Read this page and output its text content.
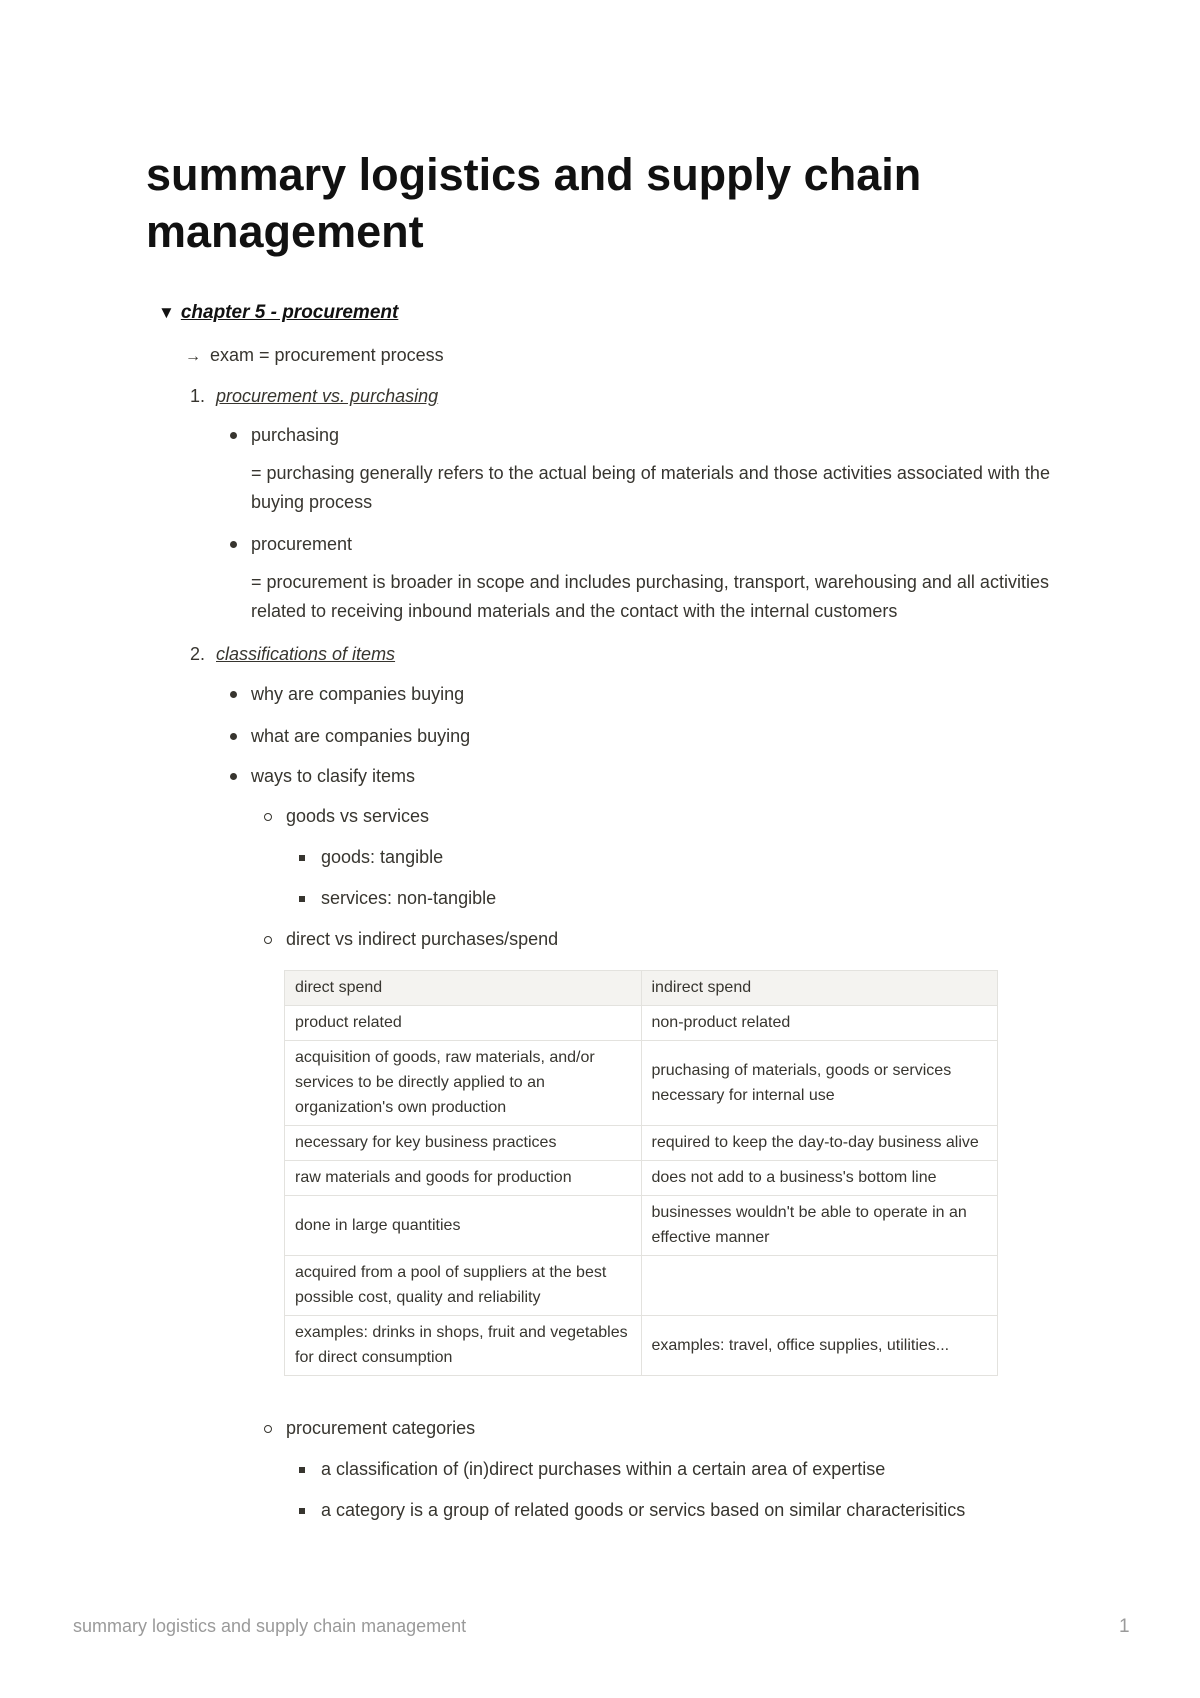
summary logistics and supply chain management
▼ chapter 5 - procurement
→ exam = procurement process
1. procurement vs. purchasing
purchasing
= purchasing generally refers to the actual being of materials and those activities associated with the buying process
procurement
= procurement is broader in scope and includes purchasing, transport, warehousing and all activities related to receiving inbound materials and the contact with the internal customers
2. classifications of items
why are companies buying
what are companies buying
ways to clasify items
goods vs services
goods: tangible
services: non-tangible
direct vs indirect purchases/spend
direct spend	indirect spend
product related	non-product related
acquisition of goods, raw materials, and/or services to be directly applied to an organization's own production	pruchasing of materials, goods or services necessary for internal use
necessary for key business practices	required to keep the day-to-day business alive
raw materials and goods for production	does not add to a business's bottom line
done in large quantities	businesses wouldn't be able to operate in an effective manner
acquired from a pool of suppliers at the best possible cost, quality and reliability	
examples: drinks in shops, fruit and vegetables for direct consumption	examples: travel, office supplies, utilities...
procurement categories
a classification of (in)direct purchases within a certain area of expertise
a category is a group of related goods or servics based on similar characterisitics
summary logistics and supply chain management	1
